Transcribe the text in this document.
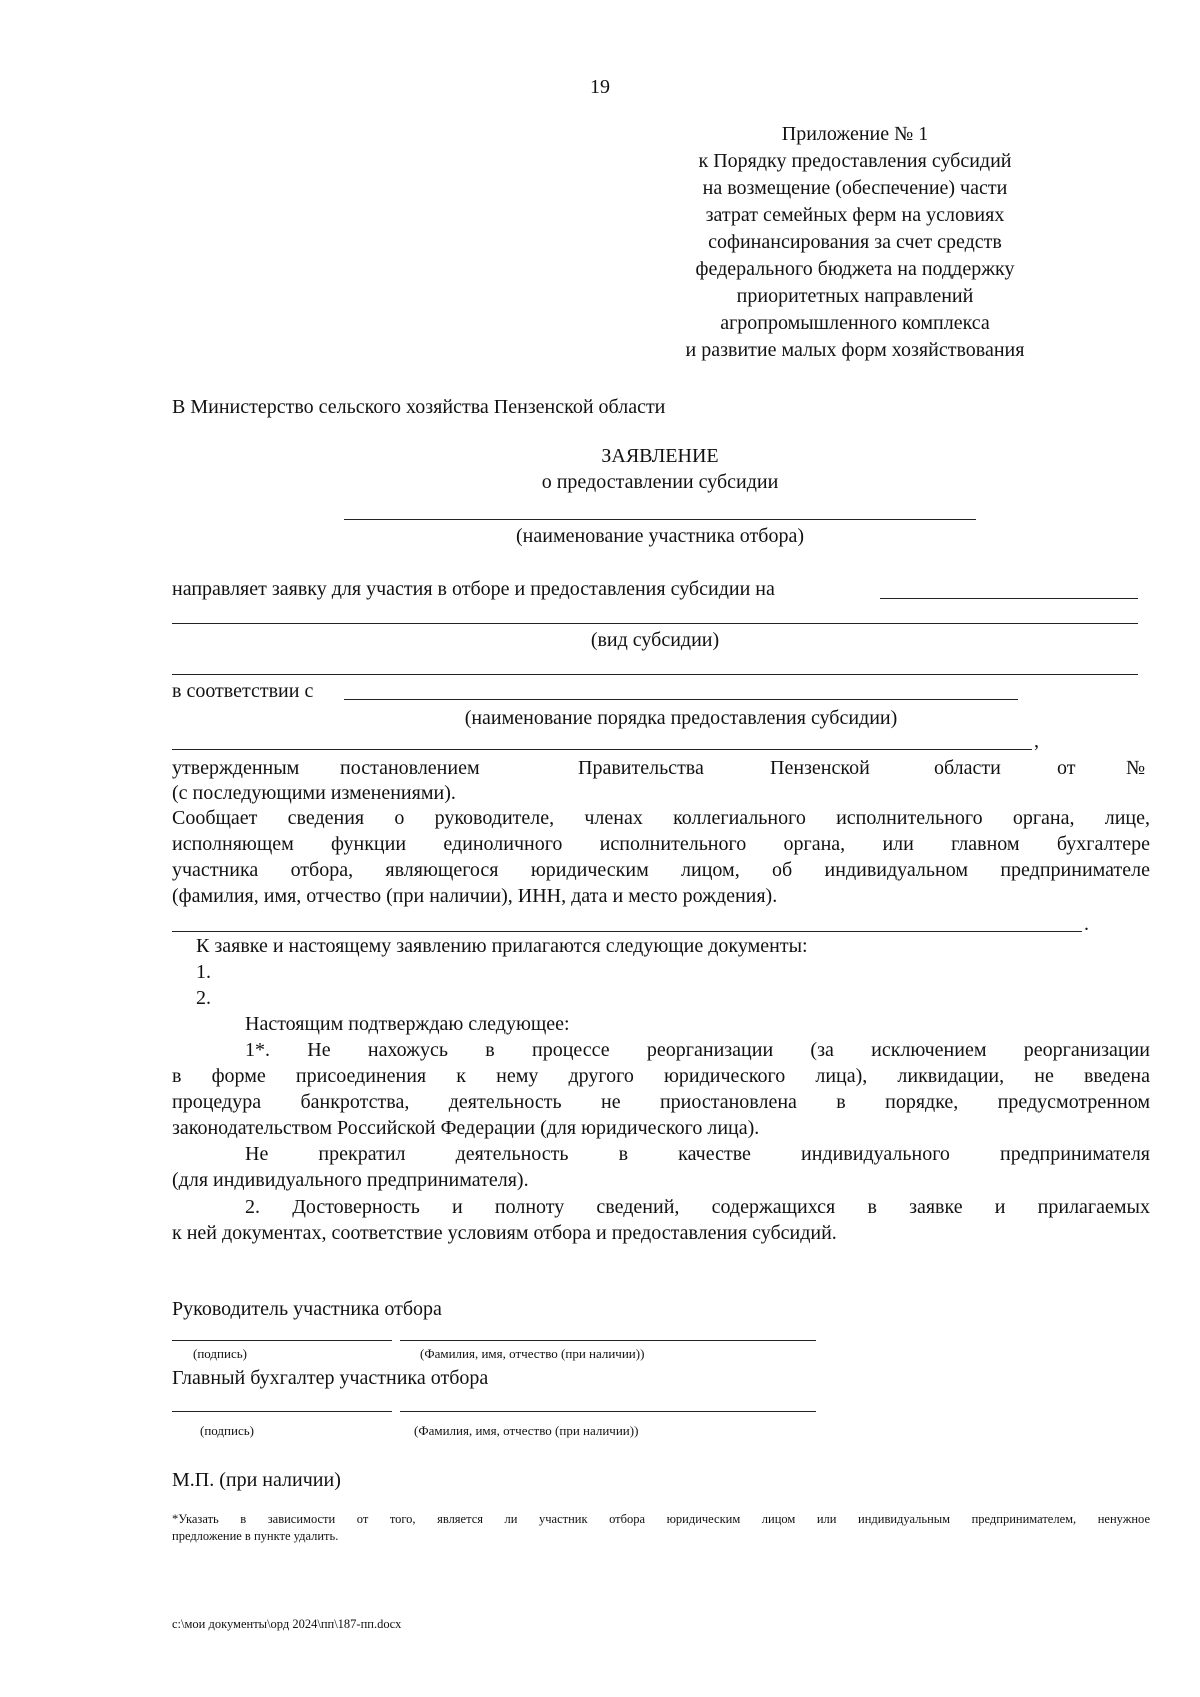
19
Приложение № 1
к Порядку предоставления субсидий
на возмещение (обеспечение) части
затрат семейных ферм на условиях
софинансирования за счет средств
федерального бюджета на поддержку
приоритетных направлений
агропромышленного комплекса
и развитие малых форм хозяйствования
В Министерство сельского хозяйства Пензенской области
ЗАЯВЛЕНИЕ
о предоставлении субсидии
(наименование участника отбора)
направляет заявку для участия в отборе и предоставления субсидии на
(вид субсидии)
в соответствии с
(наименование порядка предоставления субсидии)
,
утвержденным постановлением	Правительства	Пензенской	области	от	№
(с последующими изменениями).
Сообщает сведения о руководителе, членах коллегиального исполнительного органа, лице,
исполняющем функции единоличного исполнительного органа, или главном бухгалтере
участника отбора, являющегося юридическим лицом, об индивидуальном предпринимателе
(фамилия, имя, отчество (при наличии), ИНН, дата и место рождения).
.
К заявке и настоящему заявлению прилагаются следующие документы:
1.
2.
Настоящим подтверждаю следующее:
1*. Не нахожусь в процессе реорганизации (за исключением реорганизации
в форме присоединения к нему другого юридического лица), ликвидации, не введена
процедура банкротства, деятельность не приостановлена в порядке, предусмотренном
законодательством Российской Федерации (для юридического лица).
Не прекратил деятельность в качестве индивидуального предпринимателя
(для индивидуального предпринимателя).
2. Достоверность и полноту сведений, содержащихся в заявке и прилагаемых
к ней документах, соответствие условиям отбора и предоставления субсидий.
Руководитель участника отбора
(подпись)	(Фамилия, имя, отчество (при наличии))
Главный бухгалтер участника отбора
(подпись)	(Фамилия, имя, отчество (при наличии))
М.П. (при наличии)
*Указать в зависимости от того, является ли участник отбора юридическим лицом или индивидуальным предпринимателем, ненужное
предложение в пункте удалить.
c:\мои документы\орд 2024\пп\187-пп.docx
